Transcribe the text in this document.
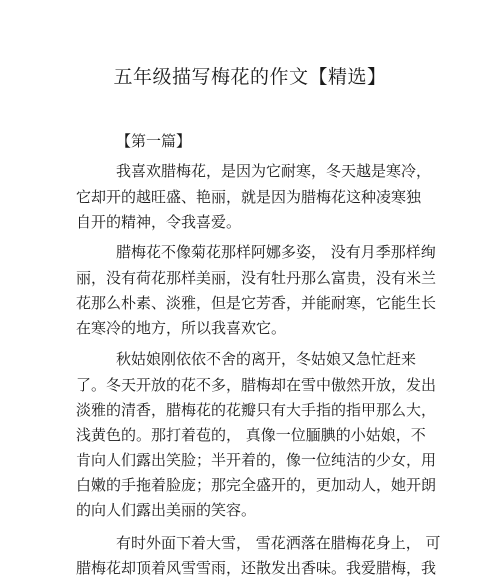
五年级描写梅花的作文【精选】
【第一篇】
我喜欢腊梅花，是因为它耐寒，冬天越是寒冷，
它却开的越旺盛、艳丽，就是因为腊梅花这种凌寒独
自开的精神，令我喜爱。
腊梅花不像菊花那样阿娜多姿， 没有月季那样绚
丽，没有荷花那样美丽，没有牡丹那么富贵，没有米兰
花那么朴素、淡雅，但是它芳香，并能耐寒，它能生长
在寒冷的地方，所以我喜欢它。
秋姑娘刚依依不舍的离开，冬姑娘又急忙赶来
了。冬天开放的花不多，腊梅却在雪中傲然开放，发出
淡雅的清香，腊梅花的花瓣只有大手指的指甲那么大，
浅黄色的。那打着苞的， 真像一位腼腆的小姑娘，不
肯向人们露出笑脸；半开着的，像一位纯洁的少女，用
白嫩的手拖着脸庞；那完全盛开的，更加动人，她开朗
的向人们露出美丽的笑容。
有时外面下着大雪， 雪花洒落在腊梅花身上， 可
腊梅花却顶着风雪雪雨，还散发出香味。我爱腊梅，我
